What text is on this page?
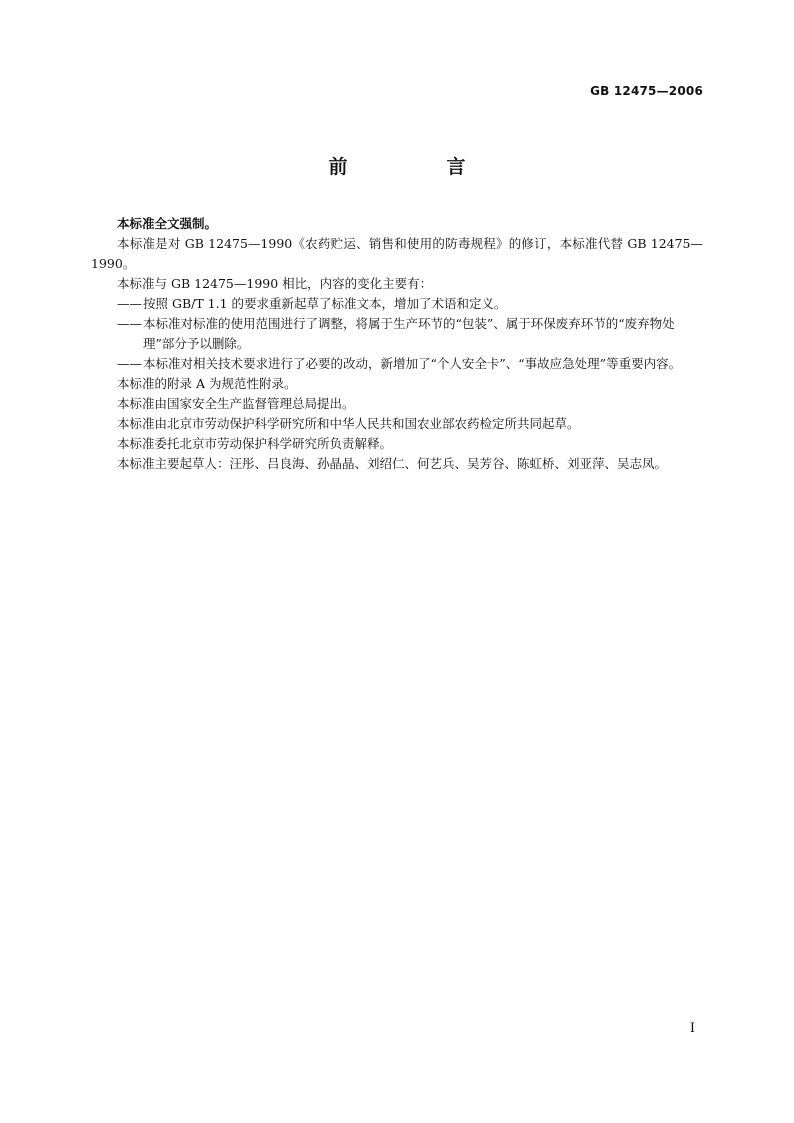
GB 12475—2006
前　言

本标准全文强制。

本标准是对 GB 12475—1990《农药贮运、销售和使用的防毒规程》的修订，本标准代替 GB 12475—1990。

本标准与 GB 12475—1990 相比，内容的变化主要有：

—— 按照 GB/T 1.1 的要求重新起草了标准文本，增加了术语和定义。
—— 本标准对标准的使用范围进行了调整，将属于生产环节的“包装”、属于环保废弃环节的“废弃物处理”部分予以删除。
—— 本标准对相关技术要求进行了必要的改动，新增加了“个人安全卡”、“事故应急处理”等重要内容。

本标准的附录 A 为规范性附录。

本标准由国家安全生产监督管理总局提出。

本标准由北京市劳动保护科学研究所和中华人民共和国农业部农药检定所共同起草。

本标准委托北京市劳动保护科学研究所负责解释。

本标准主要起草人：汪彤、吕良海、孙晶晶、刘绍仁、何艺兵、吴芳谷、陈虹桥、刘亚萍、吴志凤。

I
